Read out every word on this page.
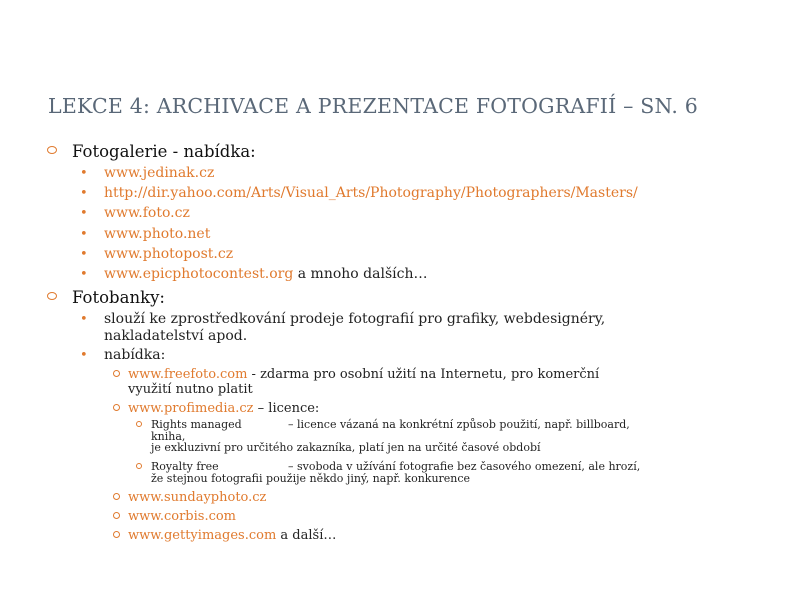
LEKCE 4: ARCHIVACE A PREZENTACE FOTOGRAFIÍ – SN. 6
Fotogalerie - nabídka:
• www.jedinak.cz
• http://dir.yahoo.com/Arts/Visual_Arts/Photography/Photographers/Masters/
• www.foto.cz
• www.photo.net
• www.photopost.cz
• www.epicphotocontest.org a mnoho dalších…
Fotobanky:
• slouží ke zprostředkování prodeje fotografií pro grafiky, webdesignéry,
nakladatelství apod.
• nabídka:
www.freefoto.com - zdarma pro osobní užití na Internetu, pro komerční
využití nutno platit
www.profimedia.cz – licence:
Rights managed	– licence vázaná na konkrétní způsob použití, např. billboard,
kniha,
je exkluzivní pro určitého zakazníka, platí jen na určité časové období
Royalty free	– svoboda v užívání fotografie bez časového omezení, ale hrozí,
že stejnou fotografii použije někdo jiný, např. konkurence
www.sundayphoto.cz
www.corbis.com
www.gettyimages.com a další…
